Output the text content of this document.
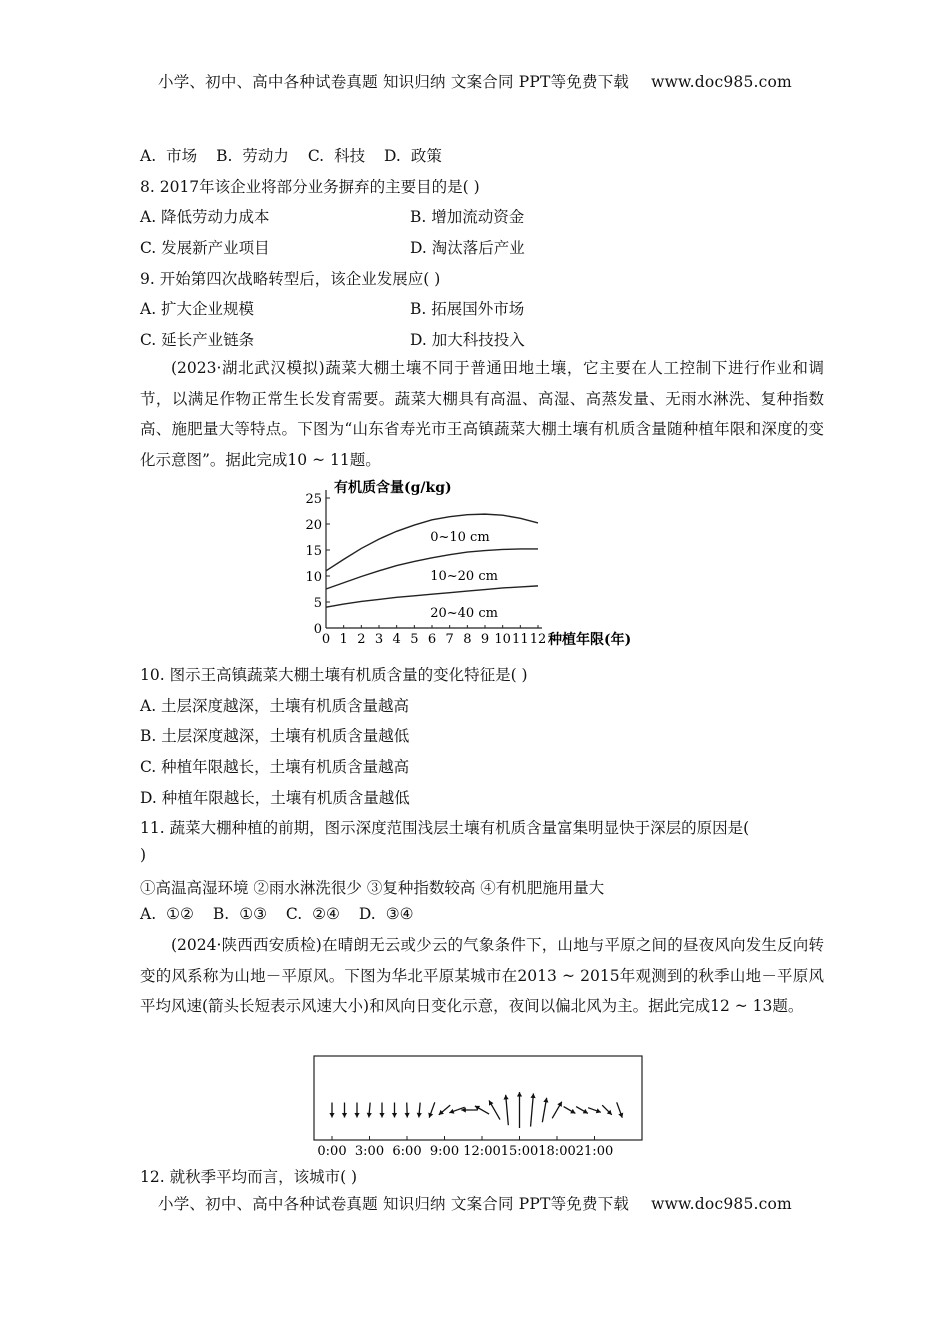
小学、初中、高中各种试卷真题 知识归纳 文案合同 PPT等免费下载 www.doc985.com
A. 市场 B. 劳动力 C. 科技 D. 政策
8. 2017年该企业将部分业务摒弃的主要目的是( )
A. 降低劳动力成本	B. 增加流动资金
C. 发展新产业项目	D. 淘汰落后产业
9. 开始第四次战略转型后，该企业发展应( )
A. 扩大企业规模	B. 拓展国外市场
C. 延长产业链条	D. 加大科技投入
(2023·湖北武汉模拟)蔬菜大棚土壤不同于普通田地土壤，它主要在人工控制下进行作业和调节，以满足作物正常生长发育需要。蔬菜大棚具有高温、高湿、高蒸发量、无雨水淋洗、复种指数高、施肥量大等特点。下图为“山东省寿光市王高镇蔬菜大棚土壤有机质含量随种植年限和深度的变化示意图”。据此完成10 ~ 11题。
0
5
10
15
20
25
0 1 2 3 4 5 6 7 8 9 10 11 12
有机质含量(g/kg)
种植年限(年)
0~10 cm
10~20 cm
20~40 cm
10. 图示王高镇蔬菜大棚土壤有机质含量的变化特征是( )
A. 土层深度越深，土壤有机质含量越高
B. 土层深度越深，土壤有机质含量越低
C. 种植年限越长，土壤有机质含量越高
D. 种植年限越长，土壤有机质含量越低
11. 蔬菜大棚种植的前期，图示深度范围浅层土壤有机质含量富集明显快于深层的原因是(
)
①高温高湿环境 ②雨水淋洗很少 ③复种指数较高 ④有机肥施用量大
A. ①② B. ①③ C. ②④ D. ③④
(2024·陕西西安质检)在晴朗无云或少云的气象条件下，山地与平原之间的昼夜风向发生反向转变的风系称为山地－平原风。下图为华北平原某城市在2013 ~ 2015年观测到的秋季山地－平原风平均风速(箭头长短表示风速大小)和风向日变化示意，夜间以偏北风为主。据此完成12 ~ 13题。
0:00 3:00 6:00 9:00 12:00 15:00 18:00 21:00
12. 就秋季平均而言，该城市( )
小学、初中、高中各种试卷真题 知识归纳 文案合同 PPT等免费下载 www.doc985.com
